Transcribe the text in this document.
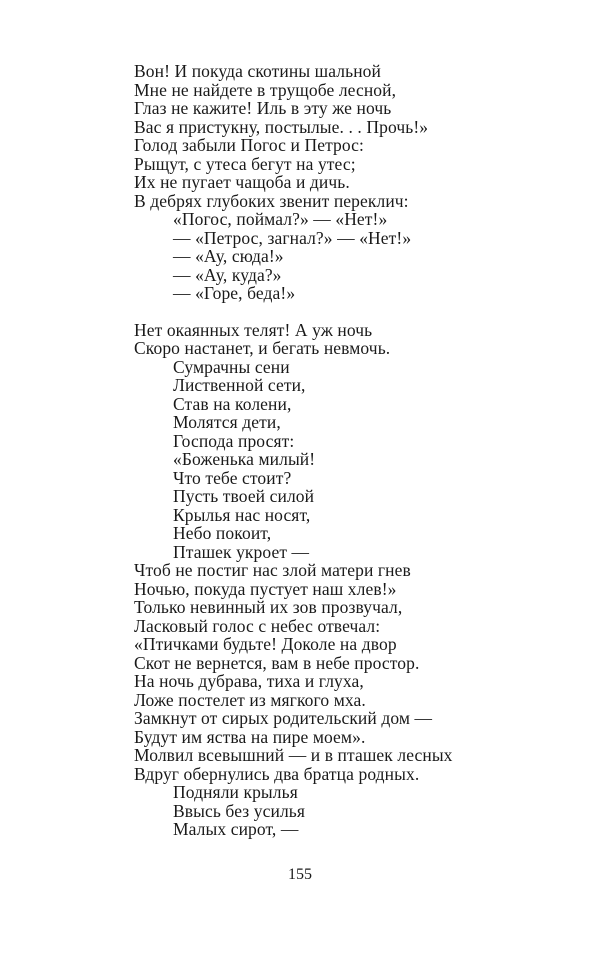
Вон! И покуда скотины шальной
Мне не найдете в трущобе лесной,
Глаз не кажите! Иль в эту же ночь
Вас я пристукну, постылые. . . Прочь!»
Голод забыли Погос и Петрос:
Рыщут, с утеса бегут на утес;
Их не пугает чащоба и дичь.
В дебрях глубоких звенит переклич:
«Погос, поймал?» — «Нет!»
— «Петрос, загнал?» — «Нет!»
— «Ау, сюда!»
— «Ау, куда?»
— «Горе, беда!»
Нет окаянных телят! А уж ночь
Скоро настанет, и бегать невмочь.
Сумрачны сени
Лиственной сети,
Став на колени,
Молятся дети,
Господа просят:
«Боженька милый!
Что тебе стоит?
Пусть твоей силой
Крылья нас носят,
Небо покоит,
Пташек укроет —
Чтоб не постиг нас злой матери гнев
Ночью, покуда пустует наш хлев!»
Только невинный их зов прозвучал,
Ласковый голос с небес отвечал:
«Птичками будьте! Доколе на двор
Скот не вернется, вам в небе простор.
На ночь дубрава, тиха и глуха,
Ложе постелет из мягкого мха.
Замкнут от сирых родительский дом —
Будут им яства на пире моем».
Молвил всевышний — и в пташек лесных
Вдруг обернулись два братца родных.
Подняли крылья
Ввысь без усилья
Малых сирот, —
155
